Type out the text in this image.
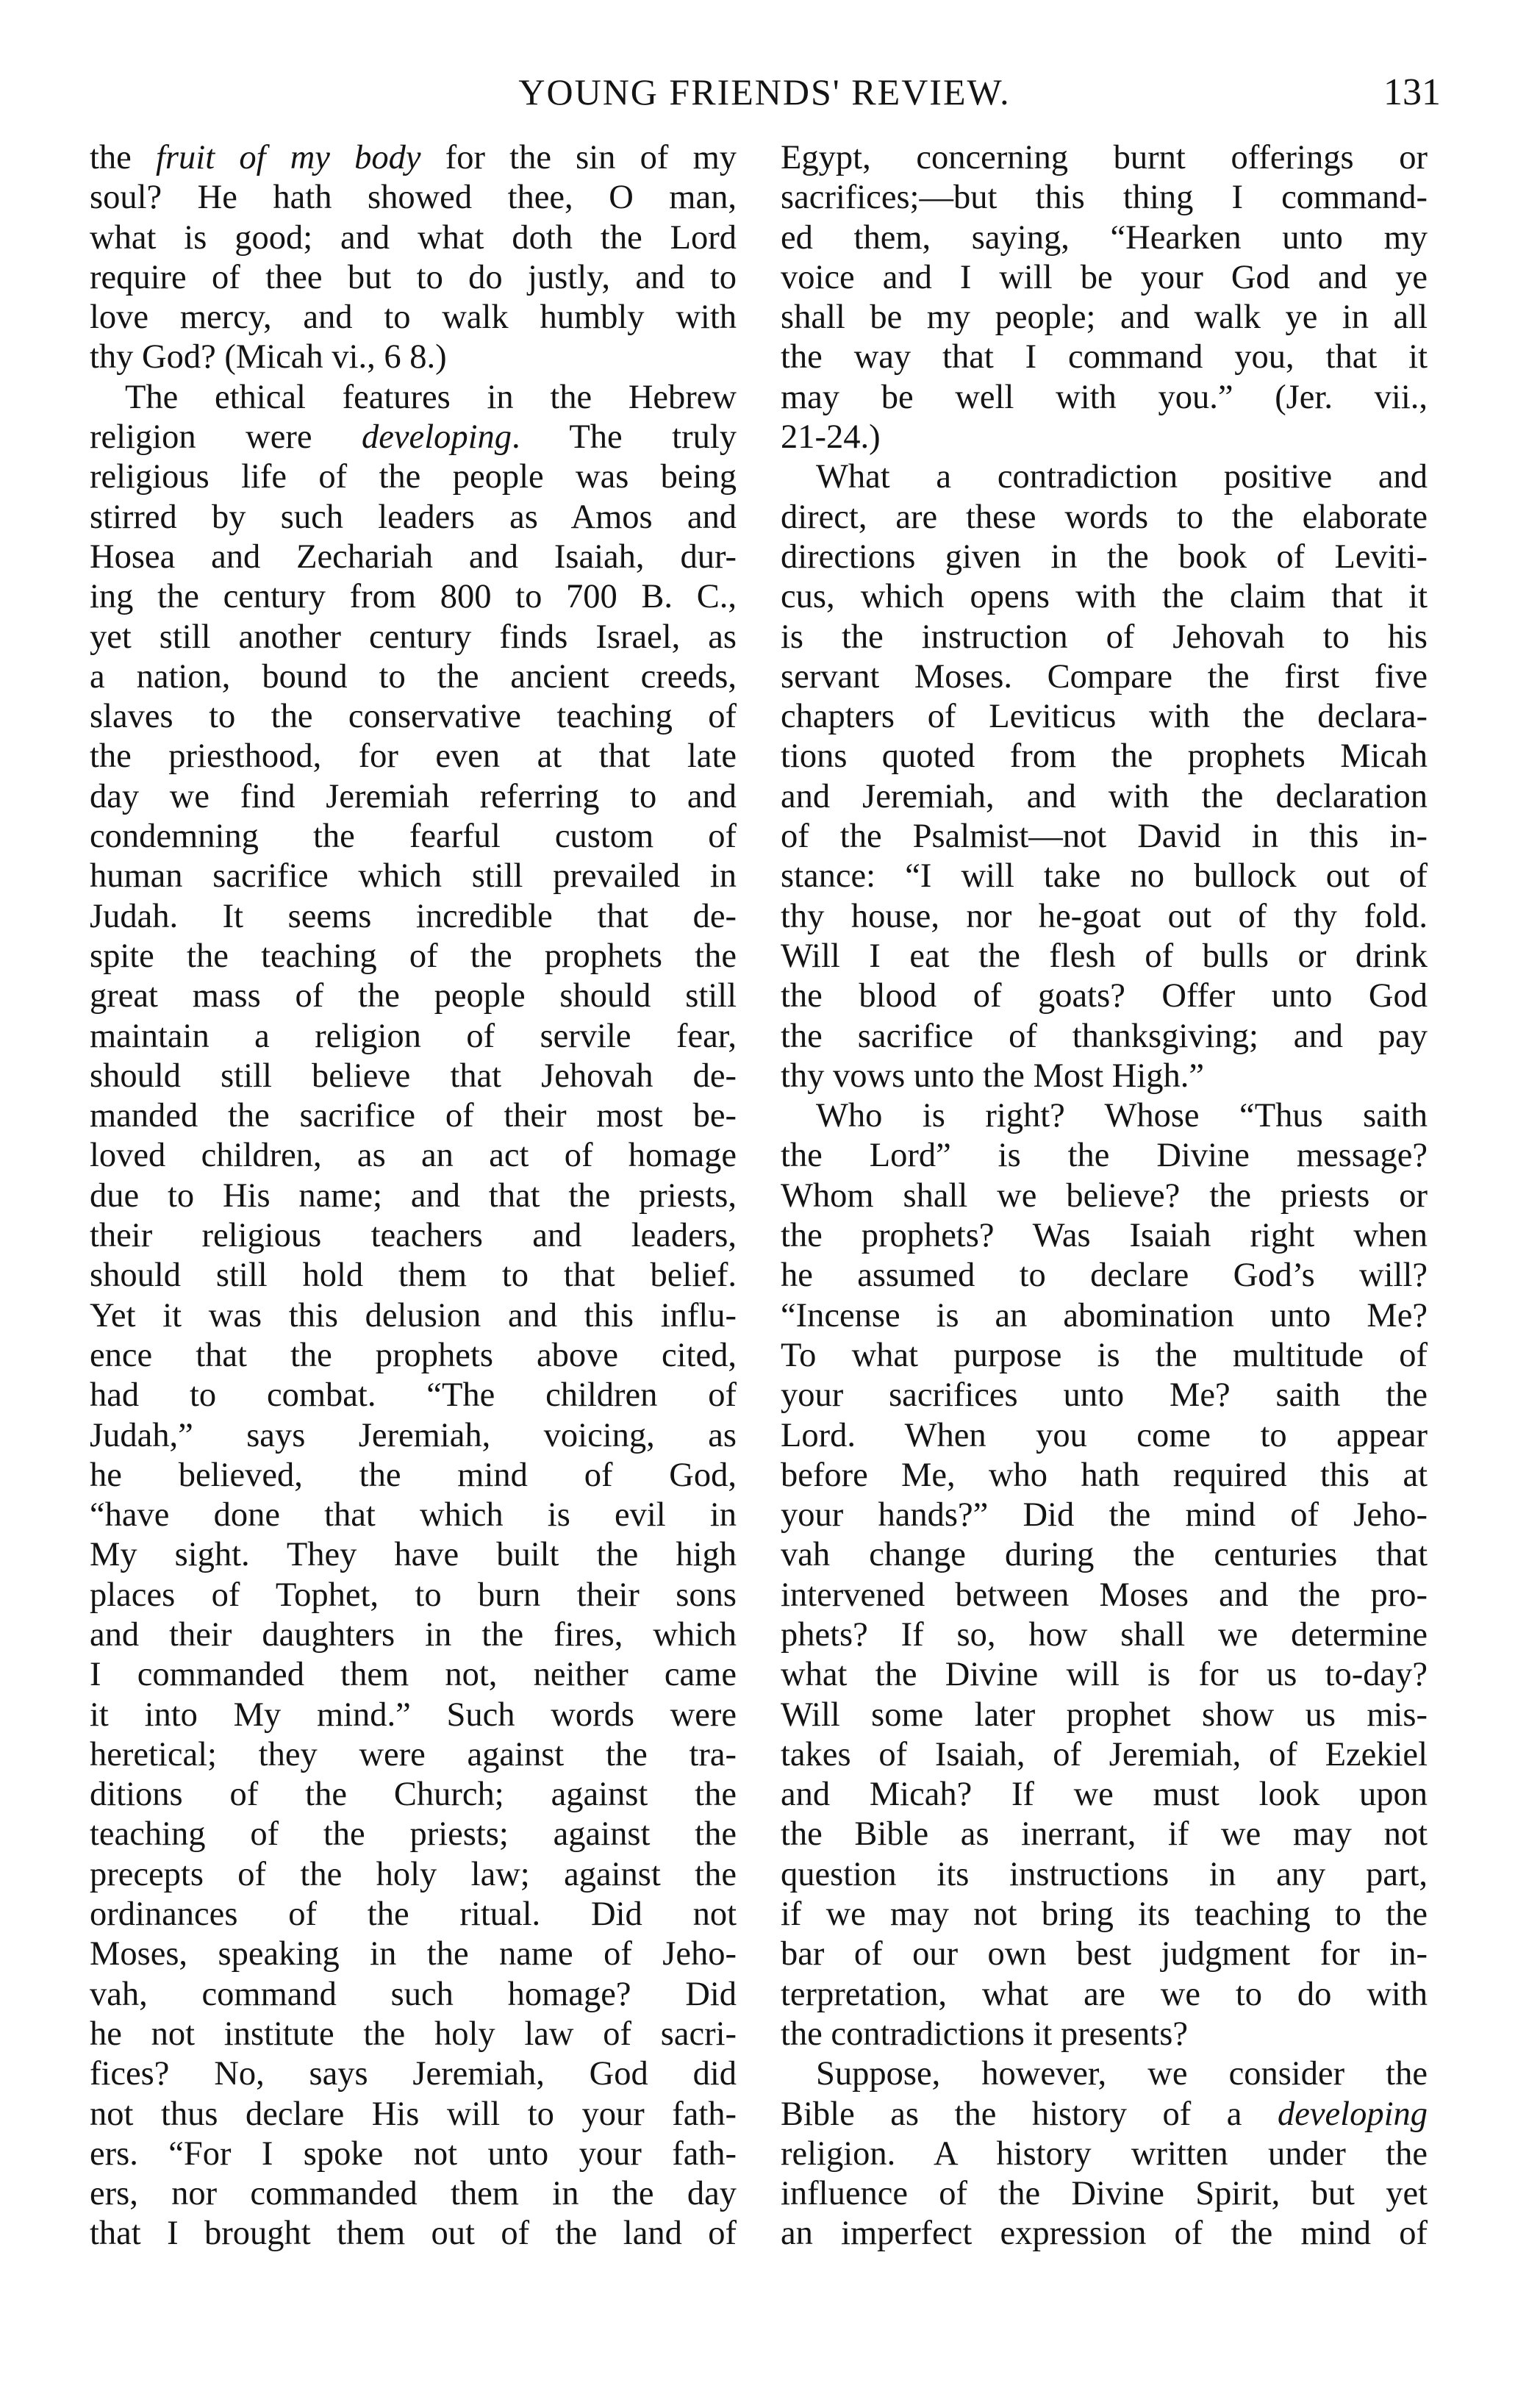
YOUNG FRIENDS' REVIEW.	131
the fruit of my body for the sin of my
soul? He hath showed thee, O man,
what is good; and what doth the Lord
require of thee but to do justly, and to
love mercy, and to walk humbly with
thy God? (Micah vi., 6 8.)
The ethical features in the Hebrew
religion were developing. The truly
religious life of the people was being
stirred by such leaders as Amos and
Hosea and Zechariah and Isaiah, dur-
ing the century from 800 to 700 B. C.,
yet still another century finds Israel, as
a nation, bound to the ancient creeds,
slaves to the conservative teaching of
the priesthood, for even at that late
day we find Jeremiah referring to and
condemning the fearful custom of
human sacrifice which still prevailed in
Judah. It seems incredible that de-
spite the teaching of the prophets the
great mass of the people should still
maintain a religion of servile fear,
should still believe that Jehovah de-
manded the sacrifice of their most be-
loved children, as an act of homage
due to His name; and that the priests,
their religious teachers and leaders,
should still hold them to that belief.
Yet it was this delusion and this influ-
ence that the prophets above cited,
had to combat. “The children of
Judah,” says Jeremiah, voicing, as
he believed, the mind of God,
“have done that which is evil in
My sight. They have built the high
places of Tophet, to burn their sons
and their daughters in the fires, which
I commanded them not, neither came
it into My mind.” Such words were
heretical; they were against the tra-
ditions of the Church; against the
teaching of the priests; against the
precepts of the holy law; against the
ordinances of the ritual. Did not
Moses, speaking in the name of Jeho-
vah, command such homage? Did
he not institute the holy law of sacri-
fices? No, says Jeremiah, God did
not thus declare His will to your fath-
ers. “For I spoke not unto your fath-
ers, nor commanded them in the day
that I brought them out of the land of
Egypt, concerning burnt offerings or
sacrifices;—but this thing I command-
ed them, saying, “Hearken unto my
voice and I will be your God and ye
shall be my people; and walk ye in all
the way that I command you, that it
may be well with you.” (Jer. vii.,
21-24.)
What a contradiction positive and
direct, are these words to the elaborate
directions given in the book of Leviti-
cus, which opens with the claim that it
is the instruction of Jehovah to his
servant Moses. Compare the first five
chapters of Leviticus with the declara-
tions quoted from the prophets Micah
and Jeremiah, and with the declaration
of the Psalmist—not David in this in-
stance: “I will take no bullock out of
thy house, nor he-goat out of thy fold.
Will I eat the flesh of bulls or drink
the blood of goats? Offer unto God
the sacrifice of thanksgiving; and pay
thy vows unto the Most High.”
Who is right? Whose “Thus saith
the Lord” is the Divine message?
Whom shall we believe? the priests or
the prophets? Was Isaiah right when
he assumed to declare God’s will?
“Incense is an abomination unto Me?
To what purpose is the multitude of
your sacrifices unto Me? saith the
Lord. When you come to appear
before Me, who hath required this at
your hands?” Did the mind of Jeho-
vah change during the centuries that
intervened between Moses and the pro-
phets? If so, how shall we determine
what the Divine will is for us to-day?
Will some later prophet show us mis-
takes of Isaiah, of Jeremiah, of Ezekiel
and Micah? If we must look upon
the Bible as inerrant, if we may not
question its instructions in any part,
if we may not bring its teaching to the
bar of our own best judgment for in-
terpretation, what are we to do with
the contradictions it presents?
Suppose, however, we consider the
Bible as the history of a developing
religion. A history written under the
influence of the Divine Spirit, but yet
an imperfect expression of the mind of
